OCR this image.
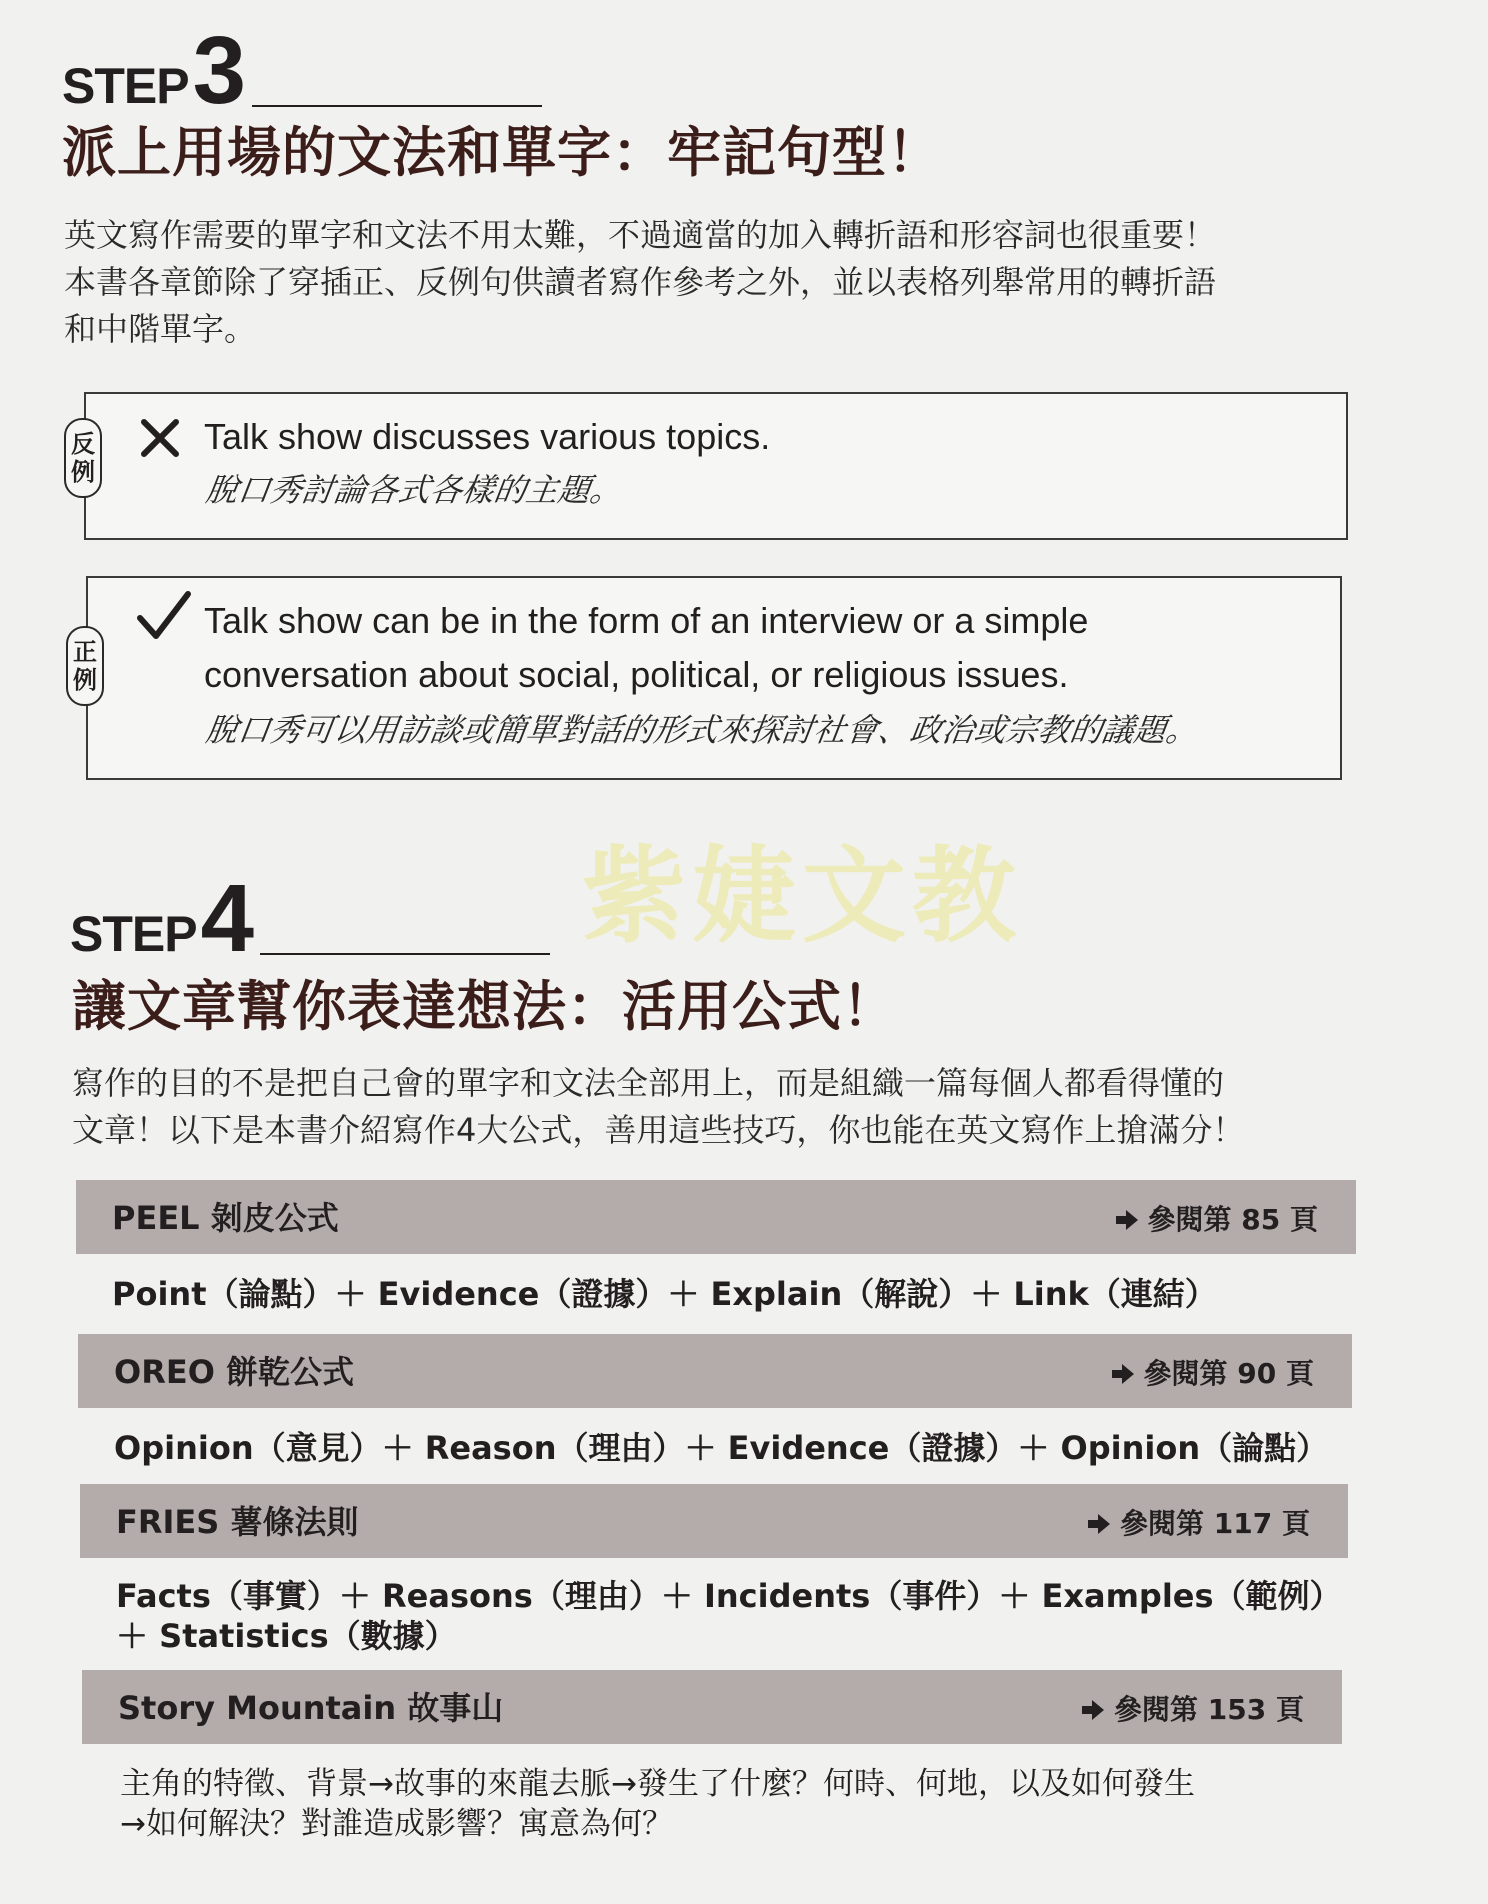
STEP 3
派上用場的文法和單字：牢記句型！

英文寫作需要的單字和文法不用太難，不過適當的加入轉折語和形容詞也很重要！
本書各章節除了穿插正、反例句供讀者寫作參考之外，並以表格列舉常用的轉折語
和中階單字。

反
例
Talk show discusses various topics.
脫口秀討論各式各樣的主題。
正
例
Talk show can be in the form of an interview or a simple
conversation about social, political, or religious issues.
脫口秀可以用訪談或簡單對話的形式來探討社會、政治或宗教的議題。
紫婕文教
STEP 4
讓文章幫你表達想法：活用公式！

寫作的目的不是把自己會的單字和文法全部用上，而是組織一篇每個人都看得懂的
文章！以下是本書介紹寫作4大公式，善用這些技巧，你也能在英文寫作上搶滿分！

PEEL 剝皮公式	參閱第 85 頁
Point（論點）＋ Evidence（證據）＋ Explain（解說）＋ Link（連結）
OREO 餅乾公式	參閱第 90 頁
Opinion（意見）＋ Reason（理由）＋ Evidence（證據）＋ Opinion（論點）
FRIES 薯條法則	參閱第 117 頁
Facts（事實）＋ Reasons（理由）＋ Incidents（事件）＋ Examples（範例）
＋ Statistics（數據）
Story Mountain 故事山	參閱第 153 頁
主角的特徵、背景→故事的來龍去脈→發生了什麼？何時、何地，以及如何發生
→如何解決？對誰造成影響？寓意為何？
